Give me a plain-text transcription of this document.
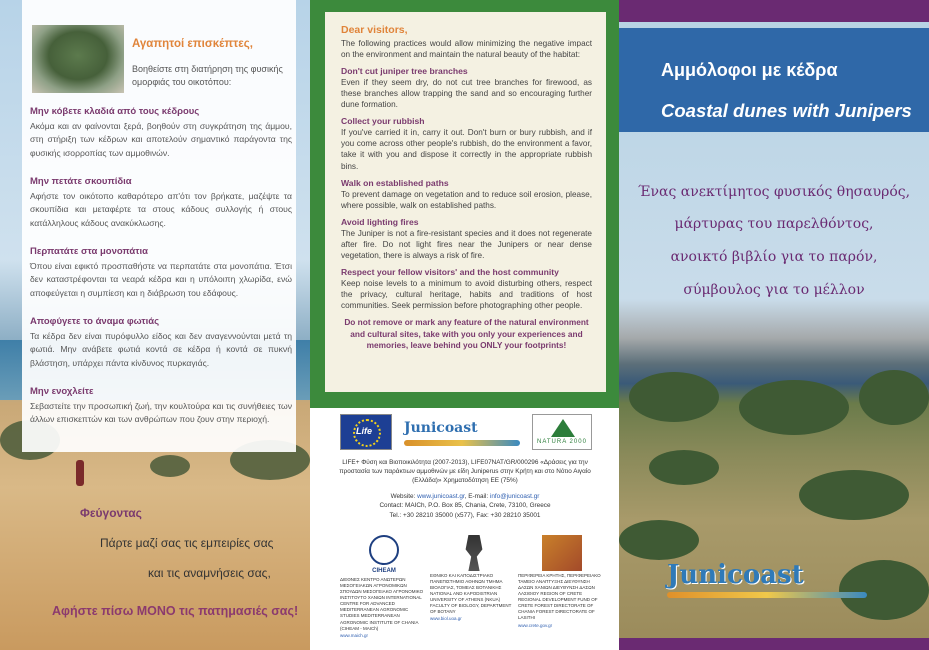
Αγαπητοί επισκέπτες,
Βοηθείστε στη διατήρηση της φυσικής ομορφιάς του οικοτόπου:
Μην κόβετε κλαδιά από τους κέδρους
Ακόμα και αν φαίνονται ξερά, βοηθούν στη συγκράτηση της άμμου, στη στήριξη των κέδρων και αποτελούν σημαντικό παράγοντα της φυσικής ισορροπίας των αμμοθινών.
Μην πετάτε σκουπίδια
Αφήστε τον οικότοπο καθαρότερο απ'ότι τον βρήκατε, μαζέψτε τα σκουπίδια και μεταφέρτε τα στους κάδους συλλογής ή στους κατάλληλους κάδους ανακύκλωσης.
Περπατάτε στα μονοπάτια
Όπου είναι εφικτό προσπαθήστε να περπατάτε στα μονοπάτια. Έτσι δεν καταστρέφονται τα νεαρά κέδρα και η υπόλοιπη χλωρίδα, ενώ αποφεύγεται η συμπίεση και η διάβρωση του εδάφους.
Αποφύγετε το άναμα φωτιάς
Τα κέδρα δεν είναι πυρόφυλλο είδος και δεν αναγεννούνται μετά τη φωτιά. Μην ανάβετε φωτιά κοντά σε κέδρα ή κοντά σε πυκνή βλάστηση, υπάρχει πάντα κίνδυνος πυρκαγιάς.
Μην ενοχλείτε
Σεβαστείτε την προσωπική ζωή, την κουλτούρα και τις συνήθειες των άλλων επισκεπτών και των ανθρώπων που ζουν στην περιοχή.
Φεύγοντας
Πάρτε μαζί σας τις εμπειρίες σας
και τις αναμνήσεις σας,
Αφήστε πίσω ΜΟΝΟ τις πατημασιές σας!
Dear visitors,
The following practices would allow minimizing the negative impact on the environment and maintain the natural beauty of the habitat:
Don't cut juniper tree branches
Even if they seem dry, do not cut tree branches for firewood, as these branches allow trapping the sand and so encouraging further dune formation.
Collect your rubbish
If you've carried it in, carry it out. Don't burn or bury rubbish, and if you come across other people's rubbish, do the environment a favor, take it with you and dispose it correctly in the appropriate rubbish bins.
Walk on established paths
To prevent damage on vegetation and to reduce soil erosion, please, where possible, walk on established paths.
Avoid lighting fires
The Juniper is not a fire-resistant species and it does not regenerate after fire. Do not light fires near the Junipers or near dense vegetation, there is always a risk of fire.
Respect your fellow visitors' and the host community
Keep noise levels to a minimum to avoid disturbing others, respect the privacy, cultural heritage, habits and traditions of host communities. Seek permission before photographing other people.
Do not remove or mark any feature of the natural environment and cultural sites, take with you only your experiences and memories, leave behind you ONLY your footprints!
Life Junicoast
NATURA 2000
LIFE+ Φύση και Βιοποικιλότητα (2007-2013), LIFE07NAT/GR/000296 «Δράσεις για την προστασία των παράκτιων αμμοθινών με είδη Juniperus στην Κρήτη και στο Νότιο Αιγαίο (Ελλάδα)» Χρηματοδότηση ΕΕ (75%)
Website: www.junicoast.gr, E-mail: info@junicoast.gr
Contact: MAICh, P.O. Box 85, Chania, Crete, 73100, Greece
Tel.: +30 28210 35000 (x577), Fax: +30 28210 35001
CIHEAM
ΔΙΕΘΝΕΣ ΚΕΝΤΡΟ ΑΝΩΤΕΡΩΝ ΜΕΣΟΓΕΙΑΚΩΝ ΑΓΡΟΝΟΜΙΚΩΝ ΣΠΟΥΔΩΝ ΜΕΣΟΓΕΙΑΚΟ ΑΓΡΟΝΟΜΙΚΟ ΙΝΣΤΙΤΟΥΤΟ ΧΑΝΙΩΝ INTERNATIONAL CENTRE FOR ADVANCED MEDITERRANEAN AGRONOMIC STUDIES MEDITERRANEAN AGRONOMIC INSTITUTE OF CHANIA (CIHEAM - MAICh)
www.maich.gr
ΕΘΝΙΚΟ ΚΑΙ ΚΑΠΟΔΙΣΤΡΙΑΚΟ ΠΑΝΕΠΙΣΤΗΜΙΟ ΑΘΗΝΩΝ ΤΜΗΜΑ ΒΙΟΛΟΓΙΑΣ, ΤΟΜΕΑΣ ΒΟΤΑΝΙΚΗΣ NATIONAL AND KAPODISTRIAN UNIVERSITY OF ATHENS (NKUA) FACULTY OF BIOLOGY, DEPARTMENT OF BOTANY
www.biol.uoa.gr
ΠΕΡΙΦΕΡΕΙΑ ΚΡΗΤΗΣ, ΠΕΡΙΦΕΡΕΙΑΚΟ ΤΑΜΕΙΟ ΑΝΑΠΤΥΞΗΣ ΔΙΕΥΘΥΝΣΗ ΔΑΣΩΝ ΧΑΝΙΩΝ ΔΙΕΥΘΥΝΣΗ ΔΑΣΩΝ ΛΑΣΙΘΙΟΥ REGION OF CRETE REGIONAL DEVELOPMENT FUND OF CRETE FOREST DIRECTORATE OF CHANIA FOREST DIRECTORATE OF LASITHI
www.crete.gov.gr
Αμμόλοφοι με κέδρα
Coastal dunes with Junipers
Ένας ανεκτίμητος φυσικός θησαυρός,
μάρτυρας του παρελθόντος,
ανοικτό βιβλίο για το παρόν,
σύμβουλος για το μέλλον
Junicoast
